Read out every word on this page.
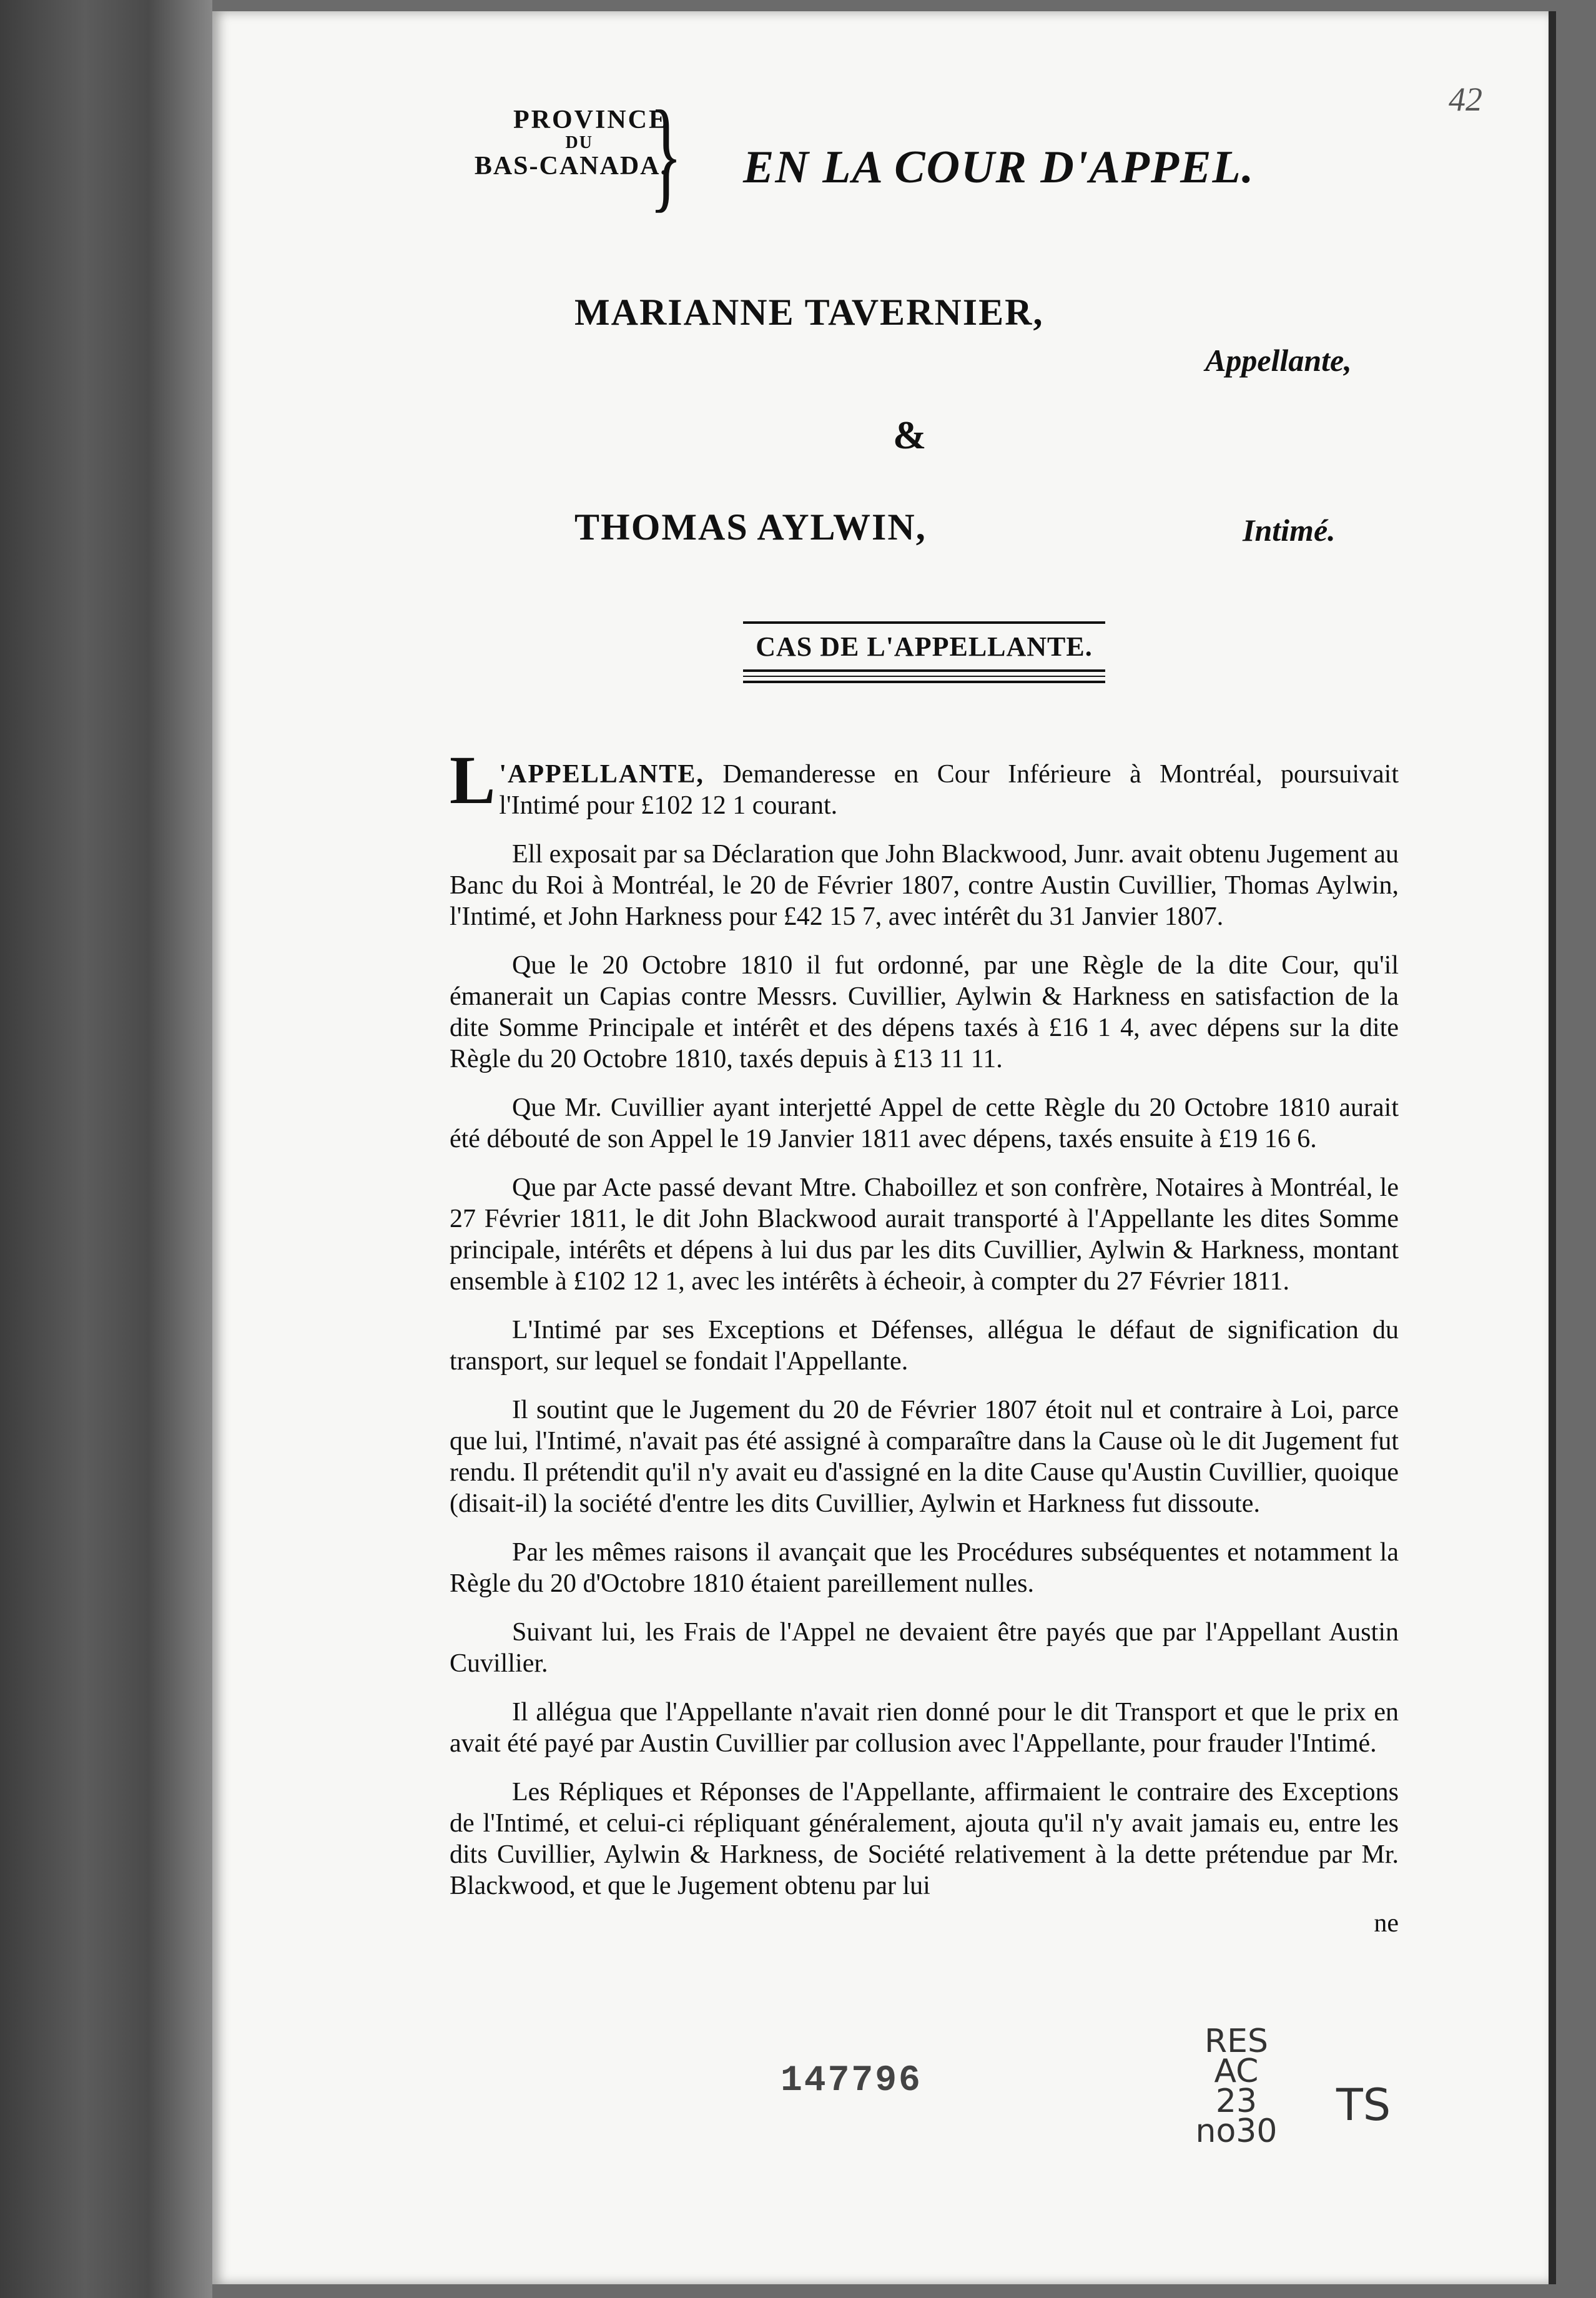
PROVINCE
DU
BAS-CANADA.
} EN LA COUR D'APPEL.
42
MARIANNE TAVERNIER,
Appellante,
&
THOMAS AYLWIN,	Intimé.
CAS DE L'APPELLANTE.

L 'APPELLANTE, Demanderesse en Cour Inférieure à Montréal, poursuivait l'Intimé pour £102 12 1 courant.

Ell exposait par sa Déclaration que John Blackwood, Junr. avait obtenu Jugement au Banc du Roi à Montréal, le 20 de Février 1807, contre Austin Cuvillier, Thomas Aylwin, l'Intimé, et John Harkness pour £42 15 7, avec intérêt du 31 Janvier 1807.

Que le 20 Octobre 1810 il fut ordonné, par une Règle de la dite Cour, qu'il émanerait un Capias contre Messrs. Cuvillier, Aylwin & Harkness en satisfaction de la dite Somme Principale et intérêt et des dépens taxés à £16 1 4, avec dépens sur la dite Règle du 20 Octobre 1810, taxés depuis à £13 11 11.

Que Mr. Cuvillier ayant interjetté Appel de cette Règle du 20 Octobre 1810 aurait été débouté de son Appel le 19 Janvier 1811 avec dépens, taxés ensuite à £19 16 6.

Que par Acte passé devant Mtre. Chaboillez et son confrère, Notaires à Montréal, le 27 Février 1811, le dit John Blackwood aurait transporté à l'Appellante les dites Somme principale, intérêts et dépens à lui dus par les dits Cuvillier, Aylwin & Harkness, montant ensemble à £102 12 1, avec les intérêts à écheoir, à compter du 27 Février 1811.

L'Intimé par ses Exceptions et Défenses, allégua le défaut de signification du transport, sur lequel se fondait l'Appellante.

Il soutint que le Jugement du 20 de Février 1807 étoit nul et contraire à Loi, parce que lui, l'Intimé, n'avait pas été assigné à comparaître dans la Cause où le dit Jugement fut rendu. Il prétendit qu'il n'y avait eu d'assigné en la dite Cause qu'Austin Cuvillier, quoique (disait-il) la société d'entre les dits Cuvillier, Aylwin et Harkness fut dissoute.

Par les mêmes raisons il avançait que les Procédures subséquentes et notamment la Règle du 20 d'Octobre 1810 étaient pareillement nulles.

Suivant lui, les Frais de l'Appel ne devaient être payés que par l'Appellant Austin Cuvillier.

Il allégua que l'Appellante n'avait rien donné pour le dit Transport et que le prix en avait été payé par Austin Cuvillier par collusion avec l'Appellante, pour frauder l'Intimé.

Les Répliques et Réponses de l'Appellante, affirmaient le contraire des Exceptions de l'Intimé, et celui-ci répliquant généralement, ajouta qu'il n'y avait jamais eu, entre les dits Cuvillier, Aylwin & Harkness, de Société relativement à la dette prétendue par Mr. Blackwood, et que le Jugement obtenu par lui

ne
147796
RES
AC
23
no30
TS
